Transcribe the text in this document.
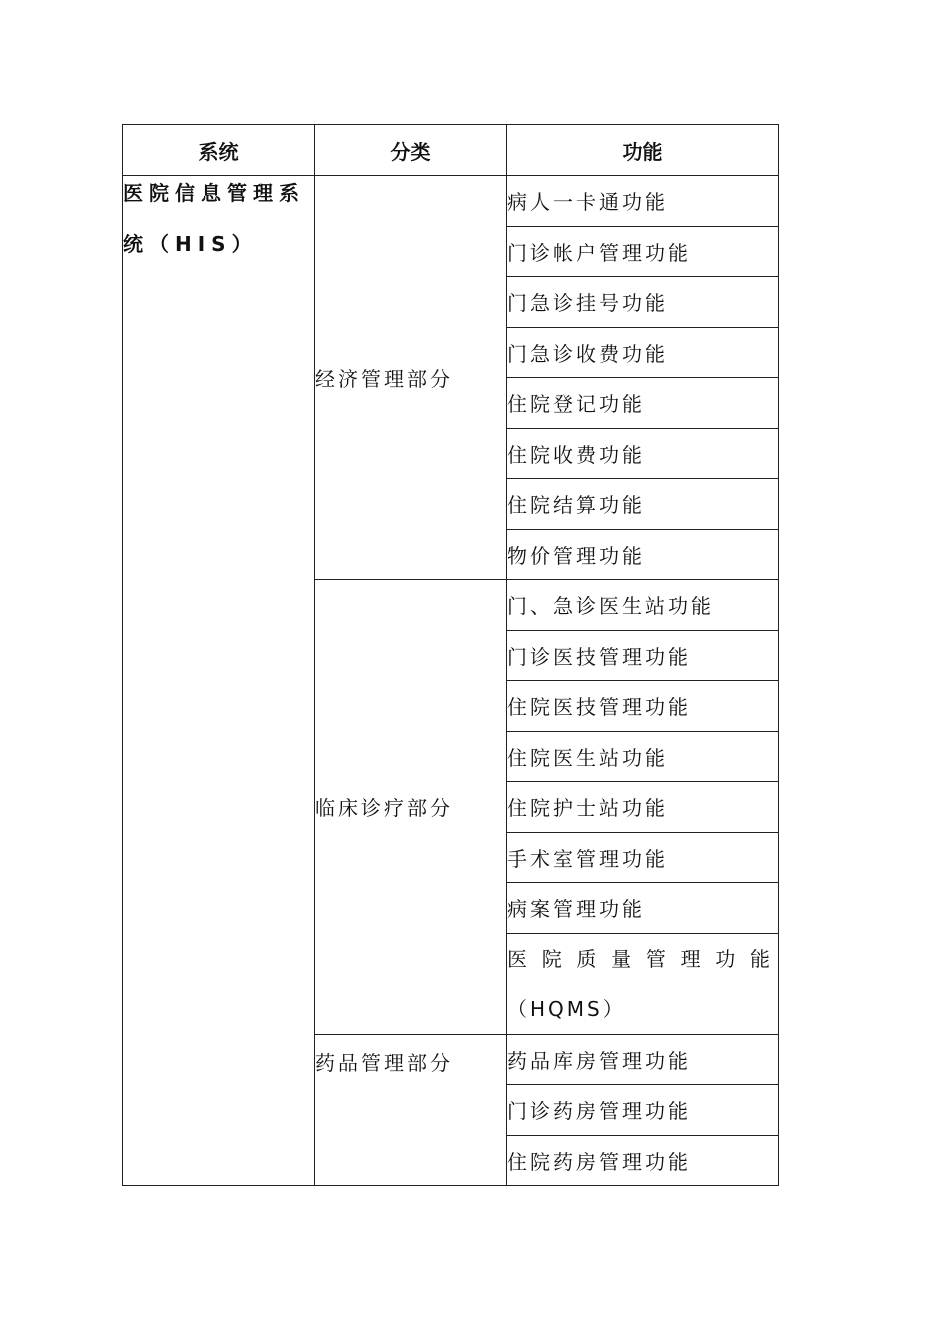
系统	分类	功能

医院信息管理系
统（HIS）	经济管理部分	病人一卡通功能
		门诊帐户管理功能
		门急诊挂号功能
		门急诊收费功能
		住院登记功能
		住院收费功能
		住院结算功能
		物价管理功能
	临床诊疗部分	门、急诊医生站功能
		门诊医技管理功能
		住院医技管理功能
		住院医生站功能
		住院护士站功能
		手术室管理功能
		病案管理功能

		医院质量管理功能
（HQMS）

	药品管理部分	药品库房管理功能
		门诊药房管理功能
		住院药房管理功能
